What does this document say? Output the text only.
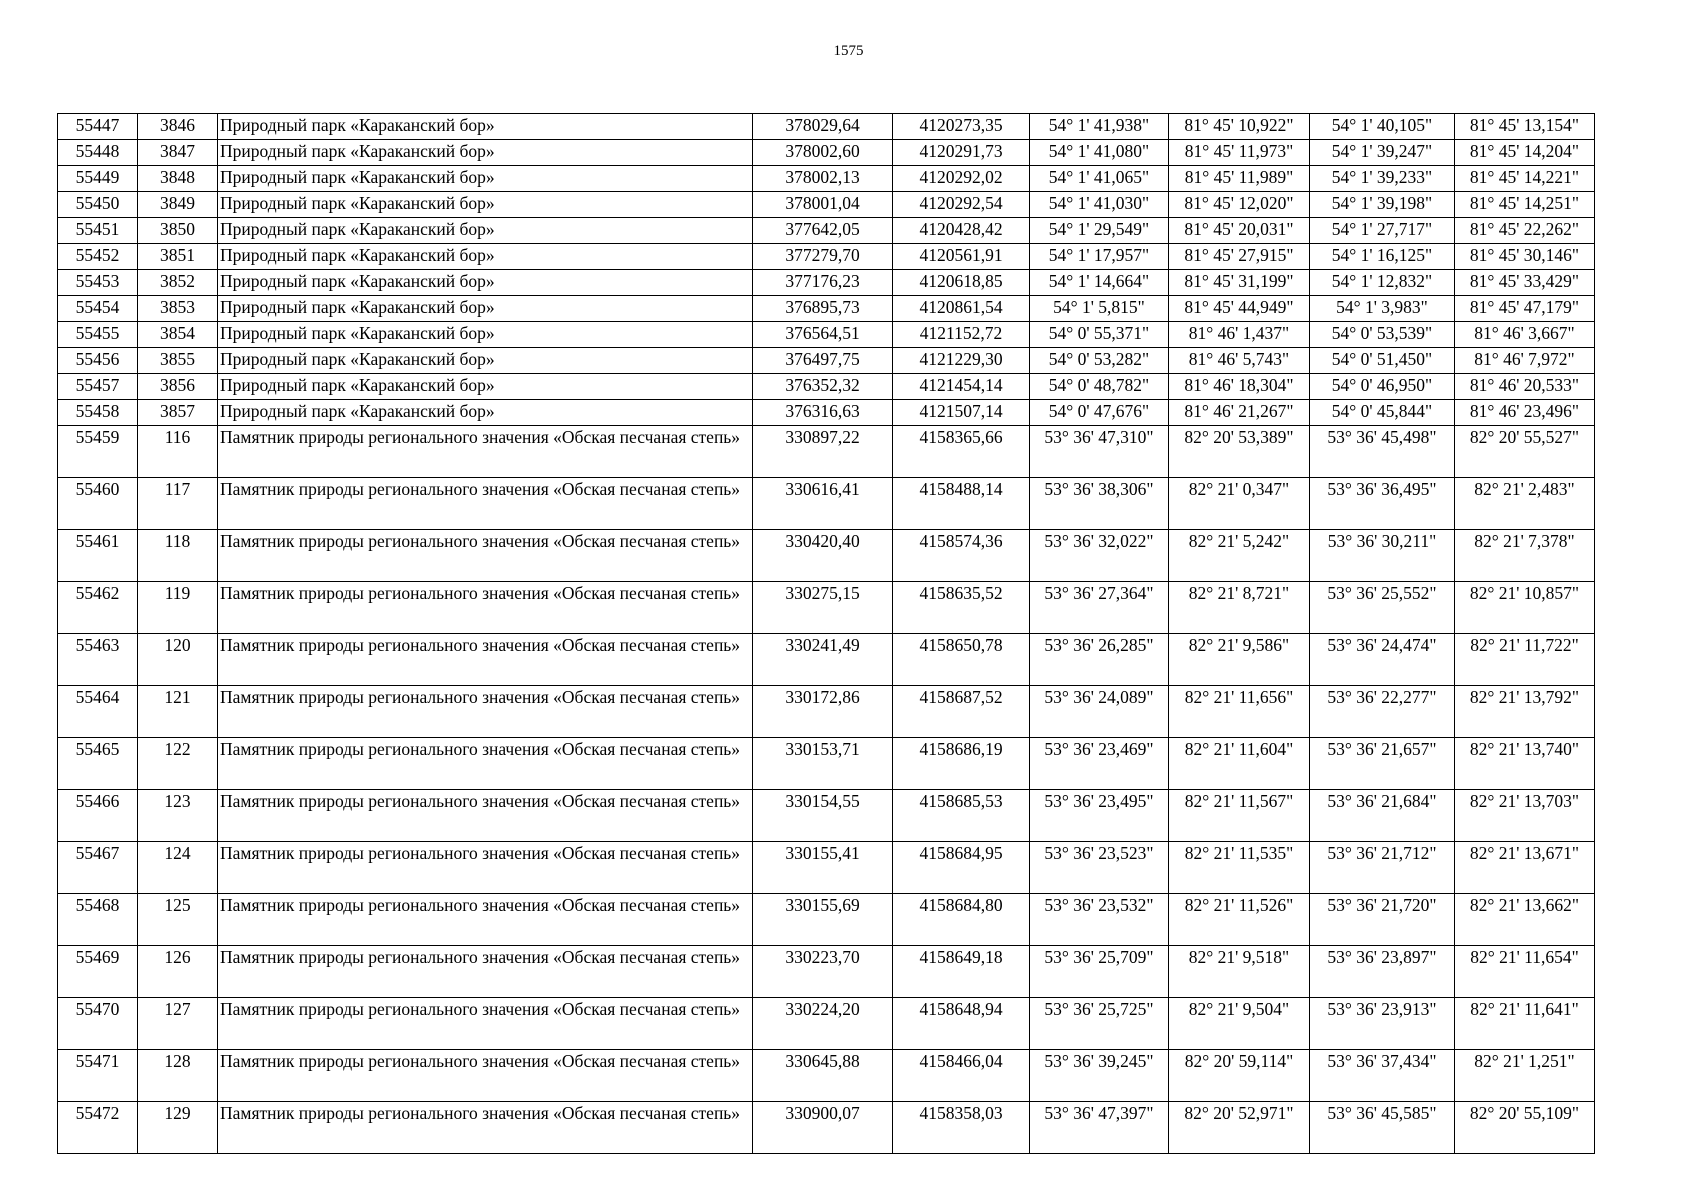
1575
55447	3846	Природный парк «Караканский бор»	378029,64	4120273,35	54° 1' 41,938"	81° 45' 10,922"	54° 1' 40,105"	81° 45' 13,154"
55448	3847	Природный парк «Караканский бор»	378002,60	4120291,73	54° 1' 41,080"	81° 45' 11,973"	54° 1' 39,247"	81° 45' 14,204"
55449	3848	Природный парк «Караканский бор»	378002,13	4120292,02	54° 1' 41,065"	81° 45' 11,989"	54° 1' 39,233"	81° 45' 14,221"
55450	3849	Природный парк «Караканский бор»	378001,04	4120292,54	54° 1' 41,030"	81° 45' 12,020"	54° 1' 39,198"	81° 45' 14,251"
55451	3850	Природный парк «Караканский бор»	377642,05	4120428,42	54° 1' 29,549"	81° 45' 20,031"	54° 1' 27,717"	81° 45' 22,262"
55452	3851	Природный парк «Караканский бор»	377279,70	4120561,91	54° 1' 17,957"	81° 45' 27,915"	54° 1' 16,125"	81° 45' 30,146"
55453	3852	Природный парк «Караканский бор»	377176,23	4120618,85	54° 1' 14,664"	81° 45' 31,199"	54° 1' 12,832"	81° 45' 33,429"
55454	3853	Природный парк «Караканский бор»	376895,73	4120861,54	54° 1' 5,815"	81° 45' 44,949"	54° 1' 3,983"	81° 45' 47,179"
55455	3854	Природный парк «Караканский бор»	376564,51	4121152,72	54° 0' 55,371"	81° 46' 1,437"	54° 0' 53,539"	81° 46' 3,667"
55456	3855	Природный парк «Караканский бор»	376497,75	4121229,30	54° 0' 53,282"	81° 46' 5,743"	54° 0' 51,450"	81° 46' 7,972"
55457	3856	Природный парк «Караканский бор»	376352,32	4121454,14	54° 0' 48,782"	81° 46' 18,304"	54° 0' 46,950"	81° 46' 20,533"
55458	3857	Природный парк «Караканский бор»	376316,63	4121507,14	54° 0' 47,676"	81° 46' 21,267"	54° 0' 45,844"	81° 46' 23,496"
55459	116	Памятник природы регионального значения «Обская песчаная степь»	330897,22	4158365,66	53° 36' 47,310"	82° 20' 53,389"	53° 36' 45,498"	82° 20' 55,527"
55460	117	Памятник природы регионального значения «Обская песчаная степь»	330616,41	4158488,14	53° 36' 38,306"	82° 21' 0,347"	53° 36' 36,495"	82° 21' 2,483"
55461	118	Памятник природы регионального значения «Обская песчаная степь»	330420,40	4158574,36	53° 36' 32,022"	82° 21' 5,242"	53° 36' 30,211"	82° 21' 7,378"
55462	119	Памятник природы регионального значения «Обская песчаная степь»	330275,15	4158635,52	53° 36' 27,364"	82° 21' 8,721"	53° 36' 25,552"	82° 21' 10,857"
55463	120	Памятник природы регионального значения «Обская песчаная степь»	330241,49	4158650,78	53° 36' 26,285"	82° 21' 9,586"	53° 36' 24,474"	82° 21' 11,722"
55464	121	Памятник природы регионального значения «Обская песчаная степь»	330172,86	4158687,52	53° 36' 24,089"	82° 21' 11,656"	53° 36' 22,277"	82° 21' 13,792"
55465	122	Памятник природы регионального значения «Обская песчаная степь»	330153,71	4158686,19	53° 36' 23,469"	82° 21' 11,604"	53° 36' 21,657"	82° 21' 13,740"
55466	123	Памятник природы регионального значения «Обская песчаная степь»	330154,55	4158685,53	53° 36' 23,495"	82° 21' 11,567"	53° 36' 21,684"	82° 21' 13,703"
55467	124	Памятник природы регионального значения «Обская песчаная степь»	330155,41	4158684,95	53° 36' 23,523"	82° 21' 11,535"	53° 36' 21,712"	82° 21' 13,671"
55468	125	Памятник природы регионального значения «Обская песчаная степь»	330155,69	4158684,80	53° 36' 23,532"	82° 21' 11,526"	53° 36' 21,720"	82° 21' 13,662"
55469	126	Памятник природы регионального значения «Обская песчаная степь»	330223,70	4158649,18	53° 36' 25,709"	82° 21' 9,518"	53° 36' 23,897"	82° 21' 11,654"
55470	127	Памятник природы регионального значения «Обская песчаная степь»	330224,20	4158648,94	53° 36' 25,725"	82° 21' 9,504"	53° 36' 23,913"	82° 21' 11,641"
55471	128	Памятник природы регионального значения «Обская песчаная степь»	330645,88	4158466,04	53° 36' 39,245"	82° 20' 59,114"	53° 36' 37,434"	82° 21' 1,251"
55472	129	Памятник природы регионального значения «Обская песчаная степь»	330900,07	4158358,03	53° 36' 47,397"	82° 20' 52,971"	53° 36' 45,585"	82° 20' 55,109"
